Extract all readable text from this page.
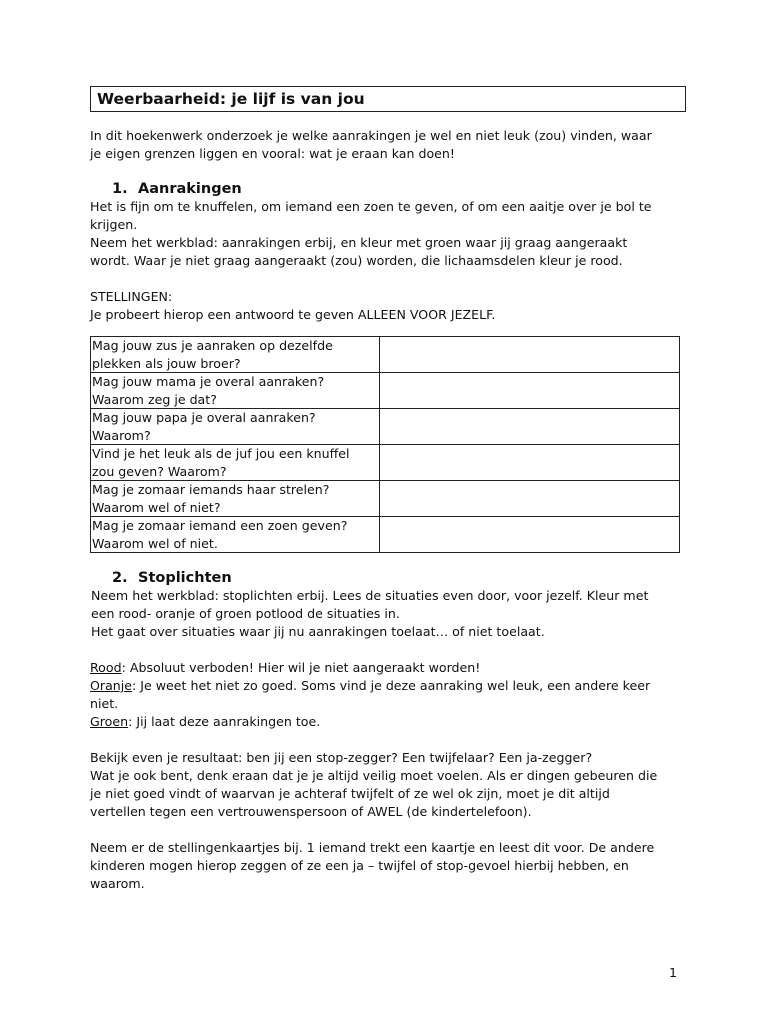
Weerbaarheid: je lijf is van jou

In dit hoekenwerk onderzoek je welke aanrakingen je wel en niet leuk (zou) vinden, waar
je eigen grenzen liggen en vooral: wat je eraan kan doen!

1. Aanrakingen

Het is fijn om te knuffelen, om iemand een zoen te geven, of om een aaitje over je bol te
krijgen.
Neem het werkblad: aanrakingen erbij, en kleur met groen waar jij graag aangeraakt
wordt. Waar je niet graag aangeraakt (zou) worden, die lichaamsdelen kleur je rood.

STELLINGEN:

Je probeert hierop een antwoord te geven ALLEEN VOOR JEZELF.

Mag jouw zus je aanraken op dezelfde
plekken als jouw broer?	
Mag jouw mama je overal aanraken?
Waarom zeg je dat?	
Mag jouw papa je overal aanraken?
Waarom?	
Vind je het leuk als de juf jou een knuffel
zou geven? Waarom?	
Mag je zomaar iemands haar strelen?
Waarom wel of niet?	
Mag je zomaar iemand een zoen geven?
Waarom wel of niet.	
2. Stoplichten

Neem het werkblad: stoplichten erbij. Lees de situaties even door, voor jezelf. Kleur met
een rood- oranje of groen potlood de situaties in.
Het gaat over situaties waar jij nu aanrakingen toelaat… of niet toelaat.

Rood: Absoluut verboden! Hier wil je niet aangeraakt worden!
Oranje: Je weet het niet zo goed. Soms vind je deze aanraking wel leuk, een andere keer
niet.
Groen: Jij laat deze aanrakingen toe.

Bekijk even je resultaat: ben jij een stop-zegger? Een twijfelaar? Een ja-zegger?
Wat je ook bent, denk eraan dat je je altijd veilig moet voelen. Als er dingen gebeuren die
je niet goed vindt of waarvan je achteraf twijfelt of ze wel ok zijn, moet je dit altijd
vertellen tegen een vertrouwenspersoon of AWEL (de kindertelefoon).

Neem er de stellingenkaartjes bij. 1 iemand trekt een kaartje en leest dit voor. De andere
kinderen mogen hierop zeggen of ze een ja – twijfel of stop-gevoel hierbij hebben, en
waarom.

1
